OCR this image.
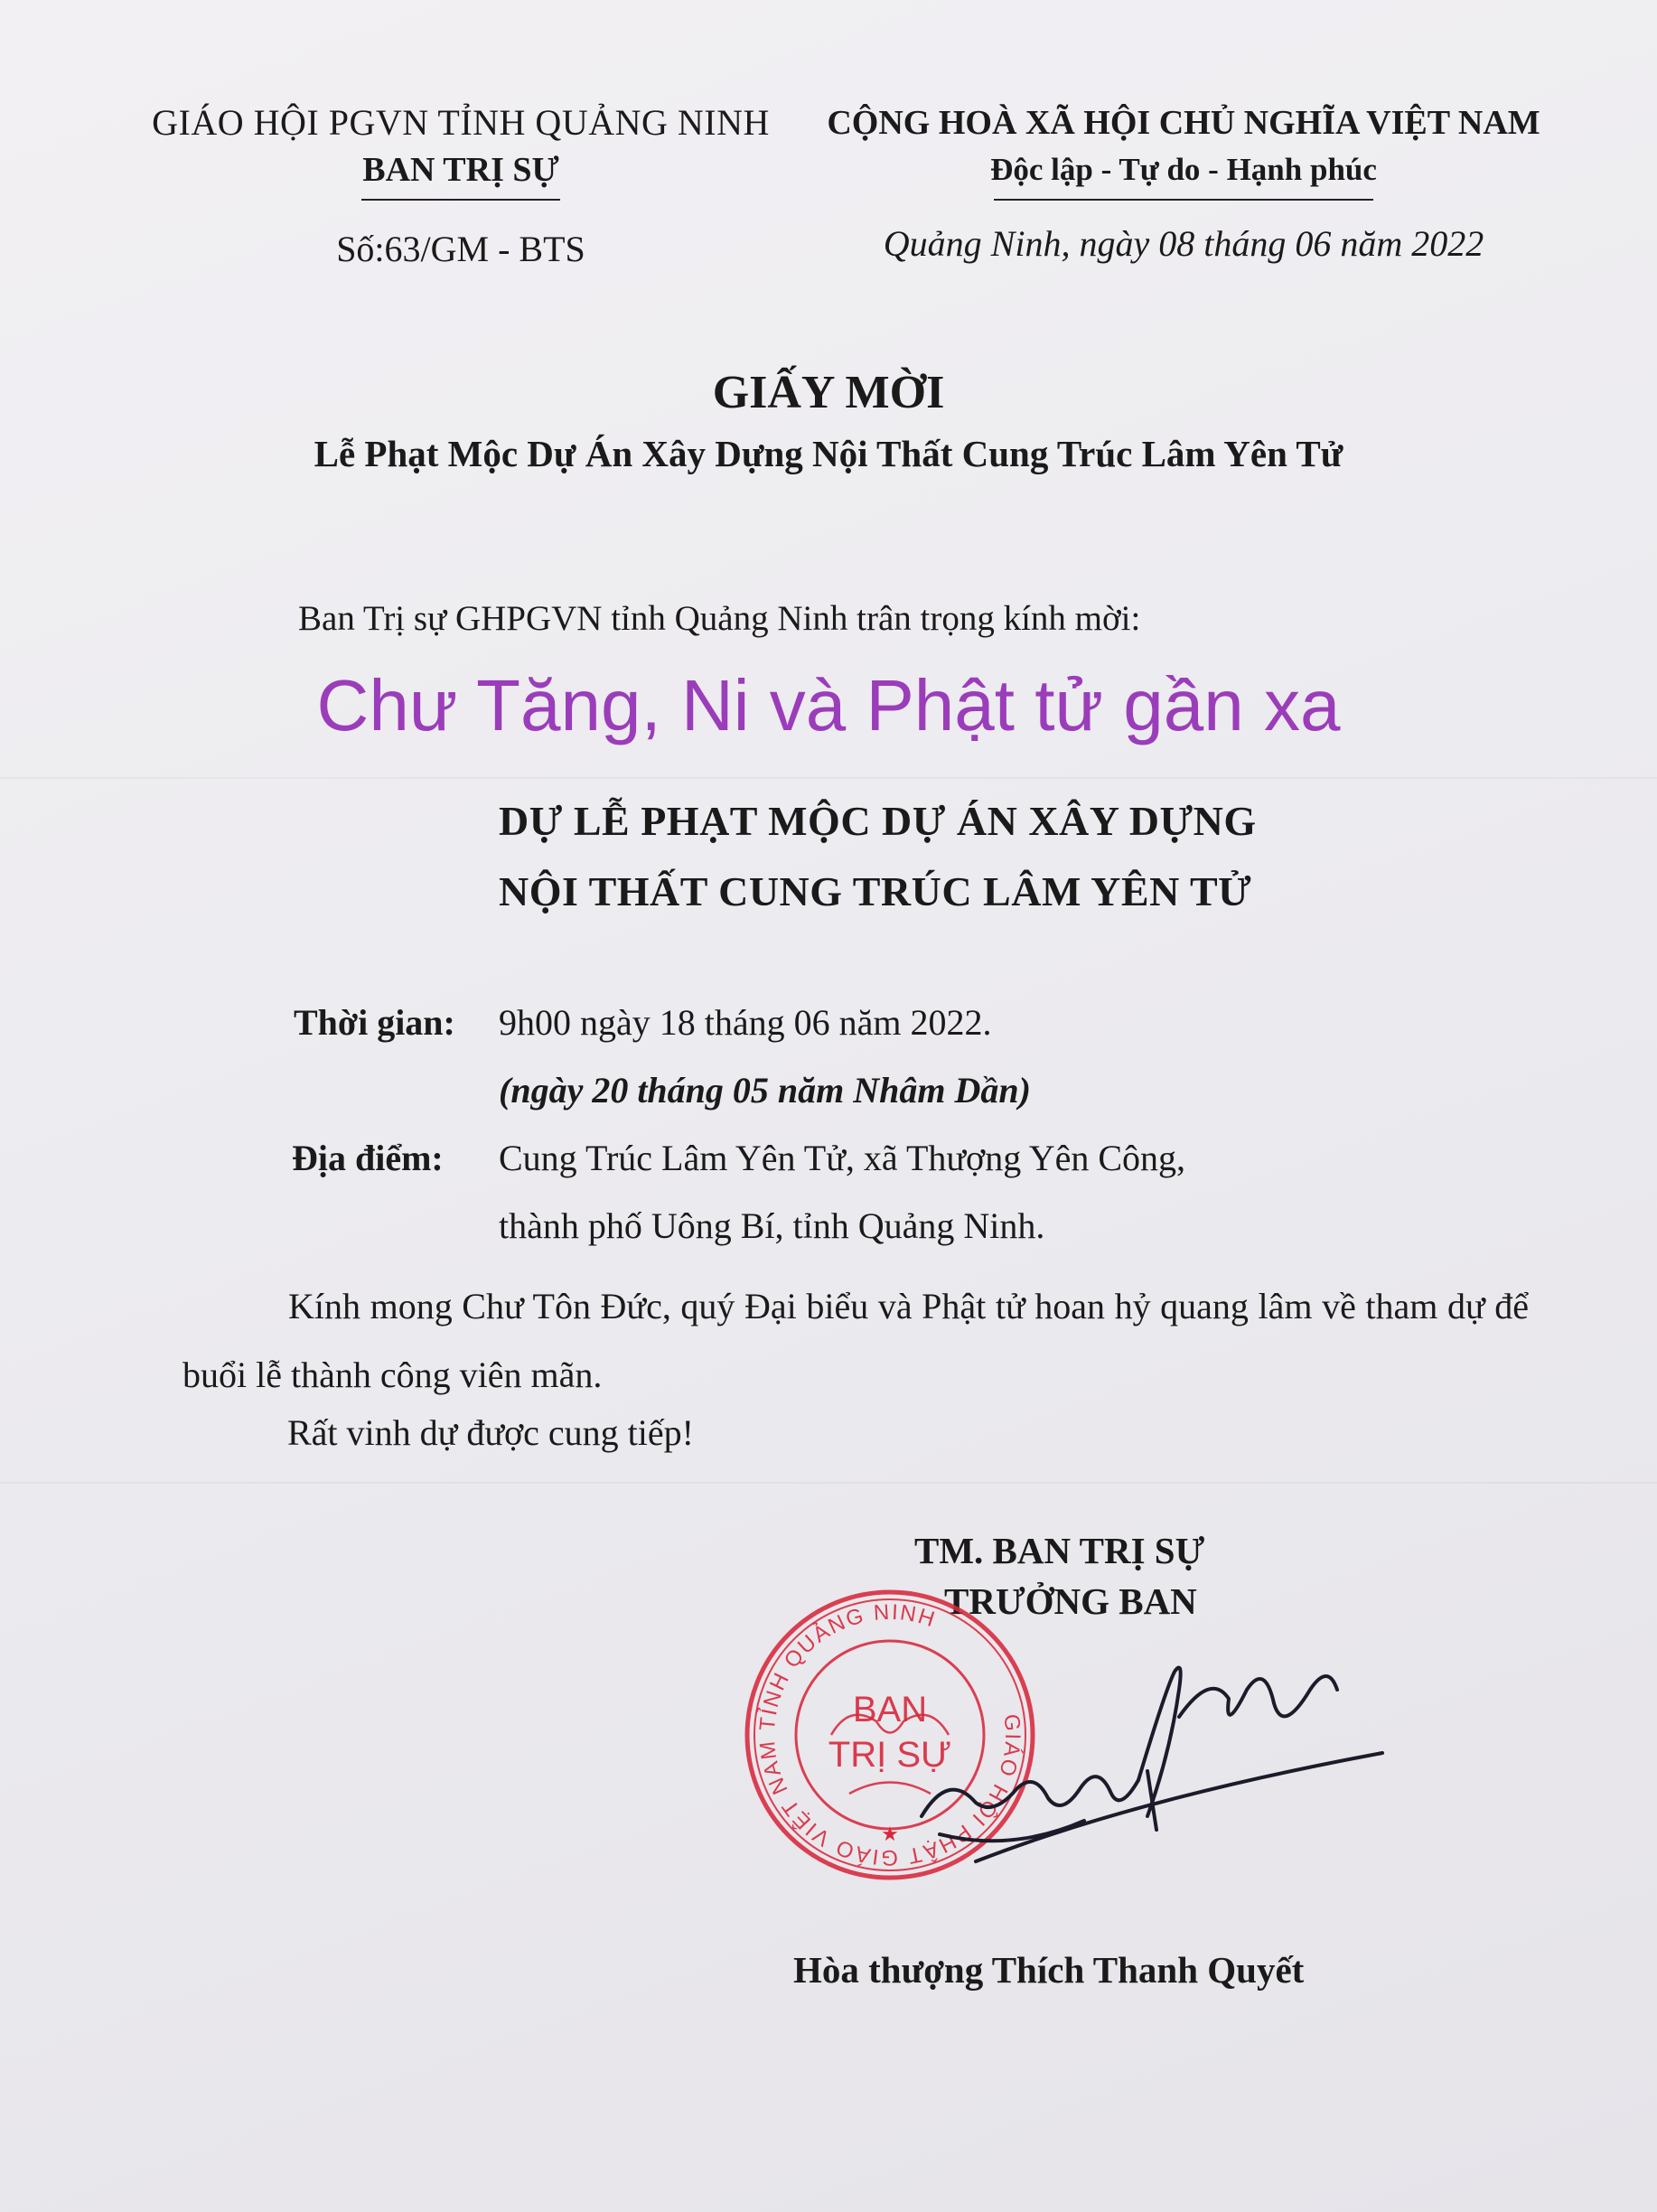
GIÁO HỘI PGVN TỈNH QUẢNG NINH
BAN TRỊ SỰ
Số:63/GM - BTS
CỘNG HOÀ XÃ HỘI CHỦ NGHĨA VIỆT NAM
Độc lập - Tự do - Hạnh phúc
Quảng Ninh, ngày 08 tháng 06 năm 2022
GIẤY MỜI
Lễ Phạt Mộc Dự Án Xây Dựng Nội Thất Cung Trúc Lâm Yên Tử
Ban Trị sự GHPGVN tỉnh Quảng Ninh trân trọng kính mời:
Chư Tăng, Ni và Phật tử gần xa
DỰ LỄ PHẠT MỘC DỰ ÁN XÂY DỰNG
NỘI THẤT CUNG TRÚC LÂM YÊN TỬ
Thời gian: 9h00 ngày 18 tháng 06 năm 2022.
(ngày 20 tháng 05 năm Nhâm Dần)
Địa điểm: Cung Trúc Lâm Yên Tử, xã Thượng Yên Công,
thành phố Uông Bí, tỉnh Quảng Ninh.
Kính mong Chư Tôn Đức, quý Đại biểu và Phật tử hoan hỷ quang lâm về tham dự để buổi lễ thành công viên mãn.
Rất vinh dự được cung tiếp!
TM. BAN TRỊ SỰ
TRƯỞNG BAN
GIÁO HỘI PHẬT GIÁO VIỆT NAM TỈNH QUẢNG NINH
BAN
TRỊ SỰ
★
Hòa thượng Thích Thanh Quyết
